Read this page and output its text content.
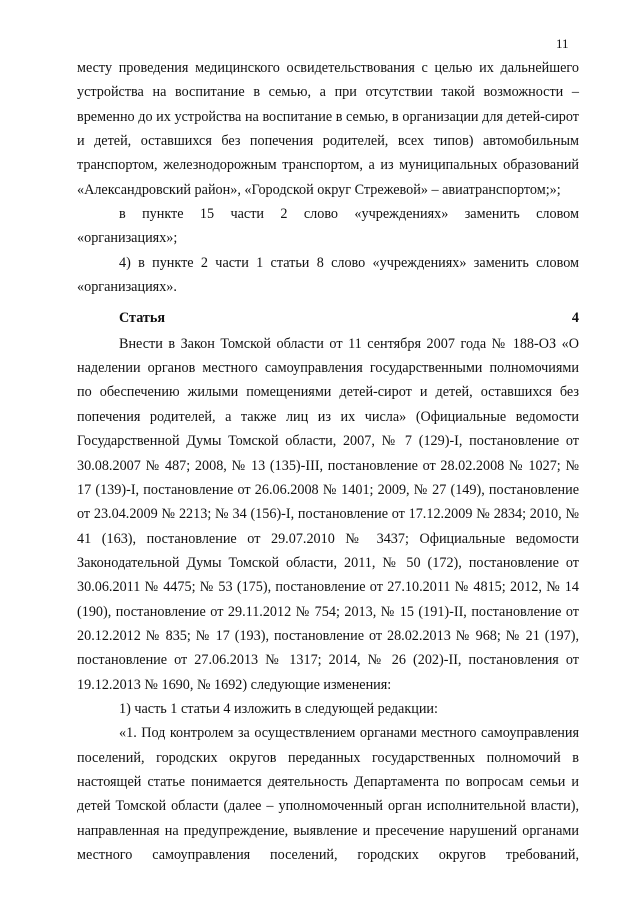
11

месту проведения медицинского освидетельствования с целью их дальнейшего устройства на воспитание в семью, а при отсутствии такой возможности – временно до их устройства на воспитание в семью, в организации для детей-сирот и детей, оставшихся без попечения родителей, всех типов) автомобильным транспортом, железнодорожным транспортом, а из муниципальных образований «Александровский район», «Городской округ Стрежевой» – авиатранспортом;»;

в пункте 15 части 2 слово «учреждениях» заменить словом «организациях»;

4) в пункте 2 части 1 статьи 8 слово «учреждениях» заменить словом «организациях».

Статья 4

Внести в Закон Томской области от 11 сентября 2007 года № 188-ОЗ «О наделении органов местного самоуправления государственными полномочиями по обеспечению жилыми помещениями детей-сирот и детей, оставшихся без попечения родителей, а также лиц из их числа» (Официальные ведомости Государственной Думы Томской области, 2007, № 7 (129)-I, постановление от 30.08.2007 № 487; 2008, № 13 (135)-III, постановление от 28.02.2008 № 1027; № 17 (139)-I, постановление от 26.06.2008 № 1401; 2009, № 27 (149), постановление от 23.04.2009 № 2213; № 34 (156)-I, постановление от 17.12.2009 № 2834; 2010, № 41 (163), постановление от 29.07.2010 № 3437; Официальные ведомости Законодательной Думы Томской области, 2011, № 50 (172), постановление от 30.06.2011 № 4475; № 53 (175), постановление от 27.10.2011 № 4815; 2012, № 14 (190), постановление от 29.11.2012 № 754; 2013, № 15 (191)-II, постановление от 20.12.2012 № 835; № 17 (193), постановление от 28.02.2013 № 968; № 21 (197), постановление от 27.06.2013 № 1317; 2014, № 26 (202)-II, постановления от 19.12.2013 № 1690, № 1692) следующие изменения:

1) часть 1 статьи 4 изложить в следующей редакции:

«1. Под контролем за осуществлением органами местного самоуправления поселений, городских округов переданных государственных полномочий в настоящей статье понимается деятельность Департамента по вопросам семьи и детей Томской области (далее – уполномоченный орган исполнительной власти), направленная на предупреждение, выявление и пресечение нарушений органами местного самоуправления поселений, городских округов требований,
